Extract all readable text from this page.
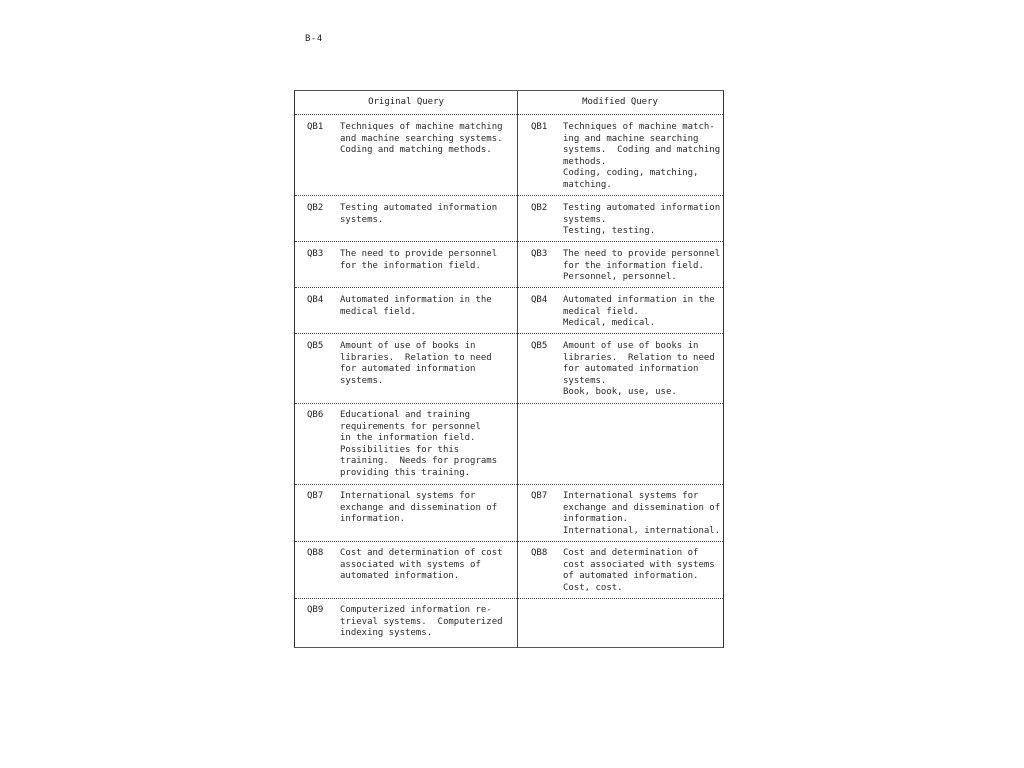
B-4
Original Query	Modified Query
QB1 Techniques of machine matching
and machine searching systems.
Coding and matching methods.
QB1 Techniques of machine match-
ing and machine searching
systems.  Coding and matching
methods.
Coding, coding, matching,
matching.
QB2 Testing automated information
systems.
QB2 Testing automated information
systems.
Testing, testing.
QB3 The need to provide personnel
for the information field.
QB3 The need to provide personnel
for the information field.
Personnel, personnel.
QB4 Automated information in the
medical field.
QB4 Automated information in the
medical field.
Medical, medical.
QB5 Amount of use of books in
libraries.  Relation to need
for automated information
systems.
QB5 Amount of use of books in
libraries.  Relation to need
for automated information
systems.
Book, book, use, use.
QB6 Educational and training
requirements for personnel
in the information field.
Possibilities for this
training.  Needs for programs
providing this training.
QB7 International systems for
exchange and dissemination of
information.
QB7 International systems for
exchange and dissemination of
information.
International, international.
QB8 Cost and determination of cost
associated with systems of
automated information.
QB8 Cost and determination of
cost associated with systems
of automated information.
Cost, cost.
QB9 Computerized information re-
trieval systems.  Computerized
indexing systems.
